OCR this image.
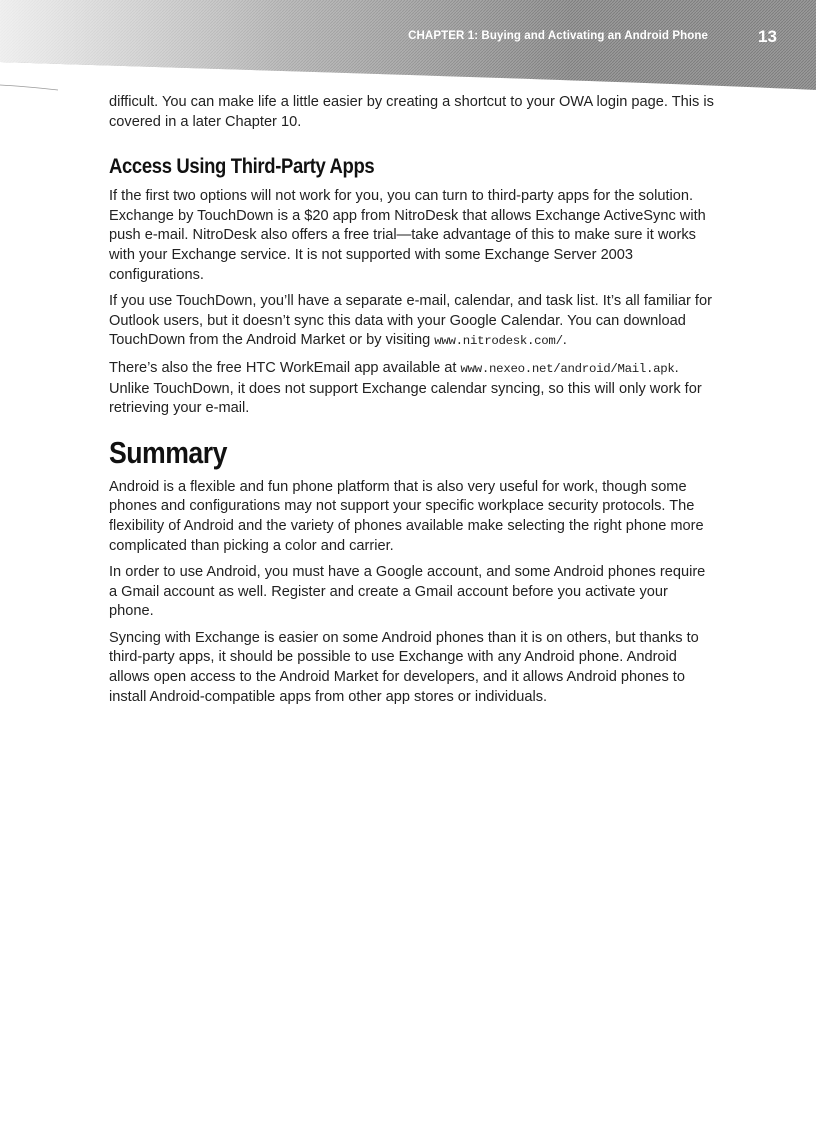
CHAPTER 1: Buying and Activating an Android Phone	13

difficult. You can make life a little easier by creating a shortcut to your OWA login page. This is covered in a later Chapter 10.

Access Using Third-Party Apps

If the first two options will not work for you, you can turn to third-party apps for the solution. Exchange by TouchDown is a $20 app from NitroDesk that allows Exchange ActiveSync with push e-mail. NitroDesk also offers a free trial—take advantage of this to make sure it works with your Exchange service. It is not supported with some Exchange Server 2003 configurations.

If you use TouchDown, you’ll have a separate e-mail, calendar, and task list. It’s all familiar for Outlook users, but it doesn’t sync this data with your Google Calendar. You can download TouchDown from the Android Market or by visiting www.nitrodesk.com/.

There’s also the free HTC WorkEmail app available at www.nexeo.net/android/Mail.apk. Unlike TouchDown, it does not support Exchange calendar syncing, so this will only work for retrieving your e-mail.

Summary

Android is a flexible and fun phone platform that is also very useful for work, though some phones and configurations may not support your specific workplace security protocols. The flexibility of Android and the variety of phones available make selecting the right phone more complicated than picking a color and carrier.

In order to use Android, you must have a Google account, and some Android phones require a Gmail account as well. Register and create a Gmail account before you activate your phone.

Syncing with Exchange is easier on some Android phones than it is on others, but thanks to third-party apps, it should be possible to use Exchange with any Android phone. Android allows open access to the Android Market for developers, and it allows Android phones to install Android-compatible apps from other app stores or individuals.
